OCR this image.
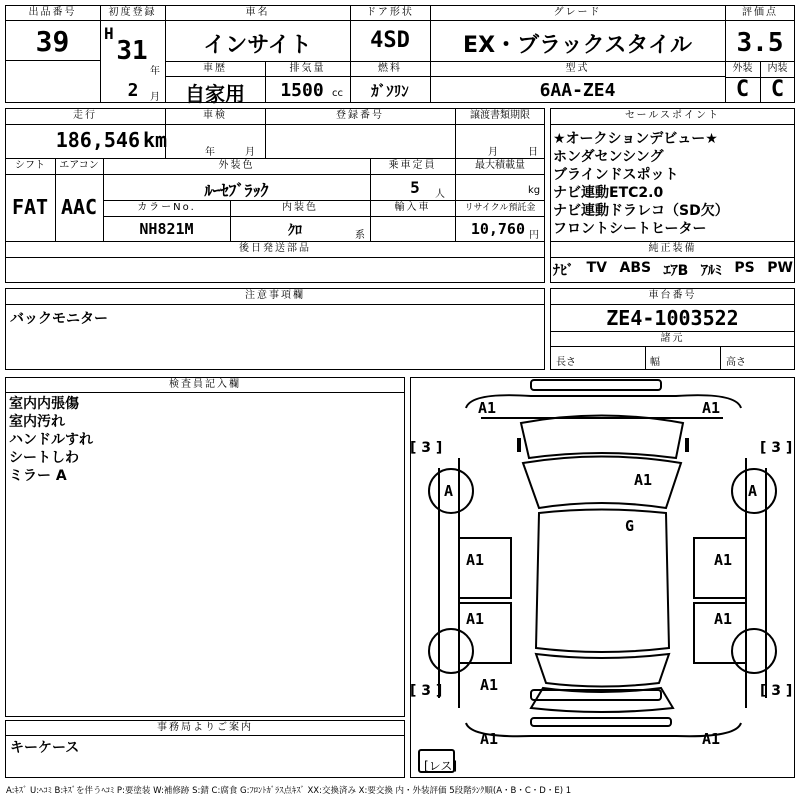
出品番号
39
初度登録
H
31
年
車名
インサイト
ドア形状
4SD
グレード
EX・ブラックスタイル
評価点
3.5
2	月
車歴
自家用
排気量
1500 cc
燃料
ｶﾞｿﾘﾝ
型式
6AA-ZE4
外装	内装
C C
走行
186,546 km
車検
年	月
登録番号	譲渡書類期限
月	日
シフト
FAT
エアコン
AAC
外装色
ﾙｰｾﾌﾞﾗｯｸ
乗車定員
5	人
最大積載量
kg
カラーNo.
NH821M
内装色
ｸﾛ	系
輸入車	リサイクル預託金
10,760 円
後日発送部品
セールスポイント
★オークションデビュー★
ホンダセンシング
ブラインドスポット
ナビ連動ETC2.0
ナビ連動ドラレコ（SD欠）
フロントシートヒーター
純正装備
ﾅﾋﾞ TV ABS ｴｱB ｱﾙﾐ PS PW
注意事項欄
バックモニター
車台番号
ZE4-1003522
諸元
長さ	幅	高さ
検査員記入欄
室内内張傷
室内汚れ
ハンドルすれ
シートしわ
ミラー A
事務局よりご案内
キーケース
A1	A1
A1
G
A	A
A1	A1
A1	A1
A1
A1	A1
[ 3 ]	[ 3 ]
[ 3 ]	[ 3 ]
[レス]
A:ｷｽﾞ U:ﾍｺﾐ B:ｷｽﾞを伴うﾍｺﾐ P:要塗装 W:補修跡 S:錆 C:腐食 G:ﾌﾛﾝﾄｶﾞﾗｽ点ｷｽﾞ XX:交換済み X:要交換 内・外装評価 5段階ﾗﾝｸ順(A・B・C・D・E) 1
